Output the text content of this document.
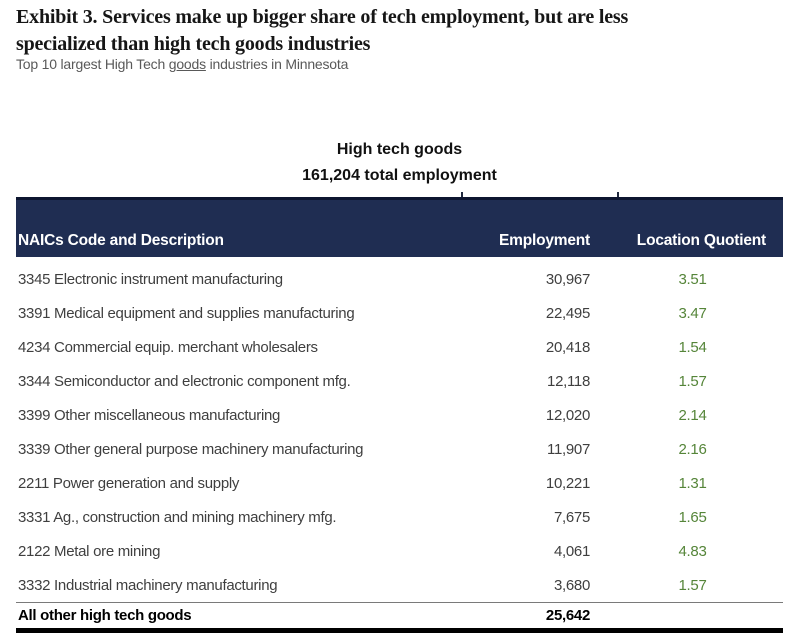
Exhibit 3. Services make up bigger share of tech employment, but are less
specialized than high tech goods industries

Top 10 largest High Tech goods industries in Minnesota

High tech goods
161,204 total employment
NAICs Code and Description	Employment	Location Quotient
3345 Electronic instrument manufacturing	30,967	3.51
3391 Medical equipment and supplies manufacturing	22,495	3.47
4234 Commercial equip. merchant wholesalers	20,418	1.54
3344 Semiconductor and electronic component mfg.	12,118	1.57
3399 Other miscellaneous manufacturing	12,020	2.14
3339 Other general purpose machinery manufacturing	11,907	2.16
2211 Power generation and supply	10,221	1.31
3331 Ag., construction and mining machinery mfg.	7,675	1.65
2122 Metal ore mining	4,061	4.83
3332 Industrial machinery manufacturing	3,680	1.57
All other high tech goods	25,642
